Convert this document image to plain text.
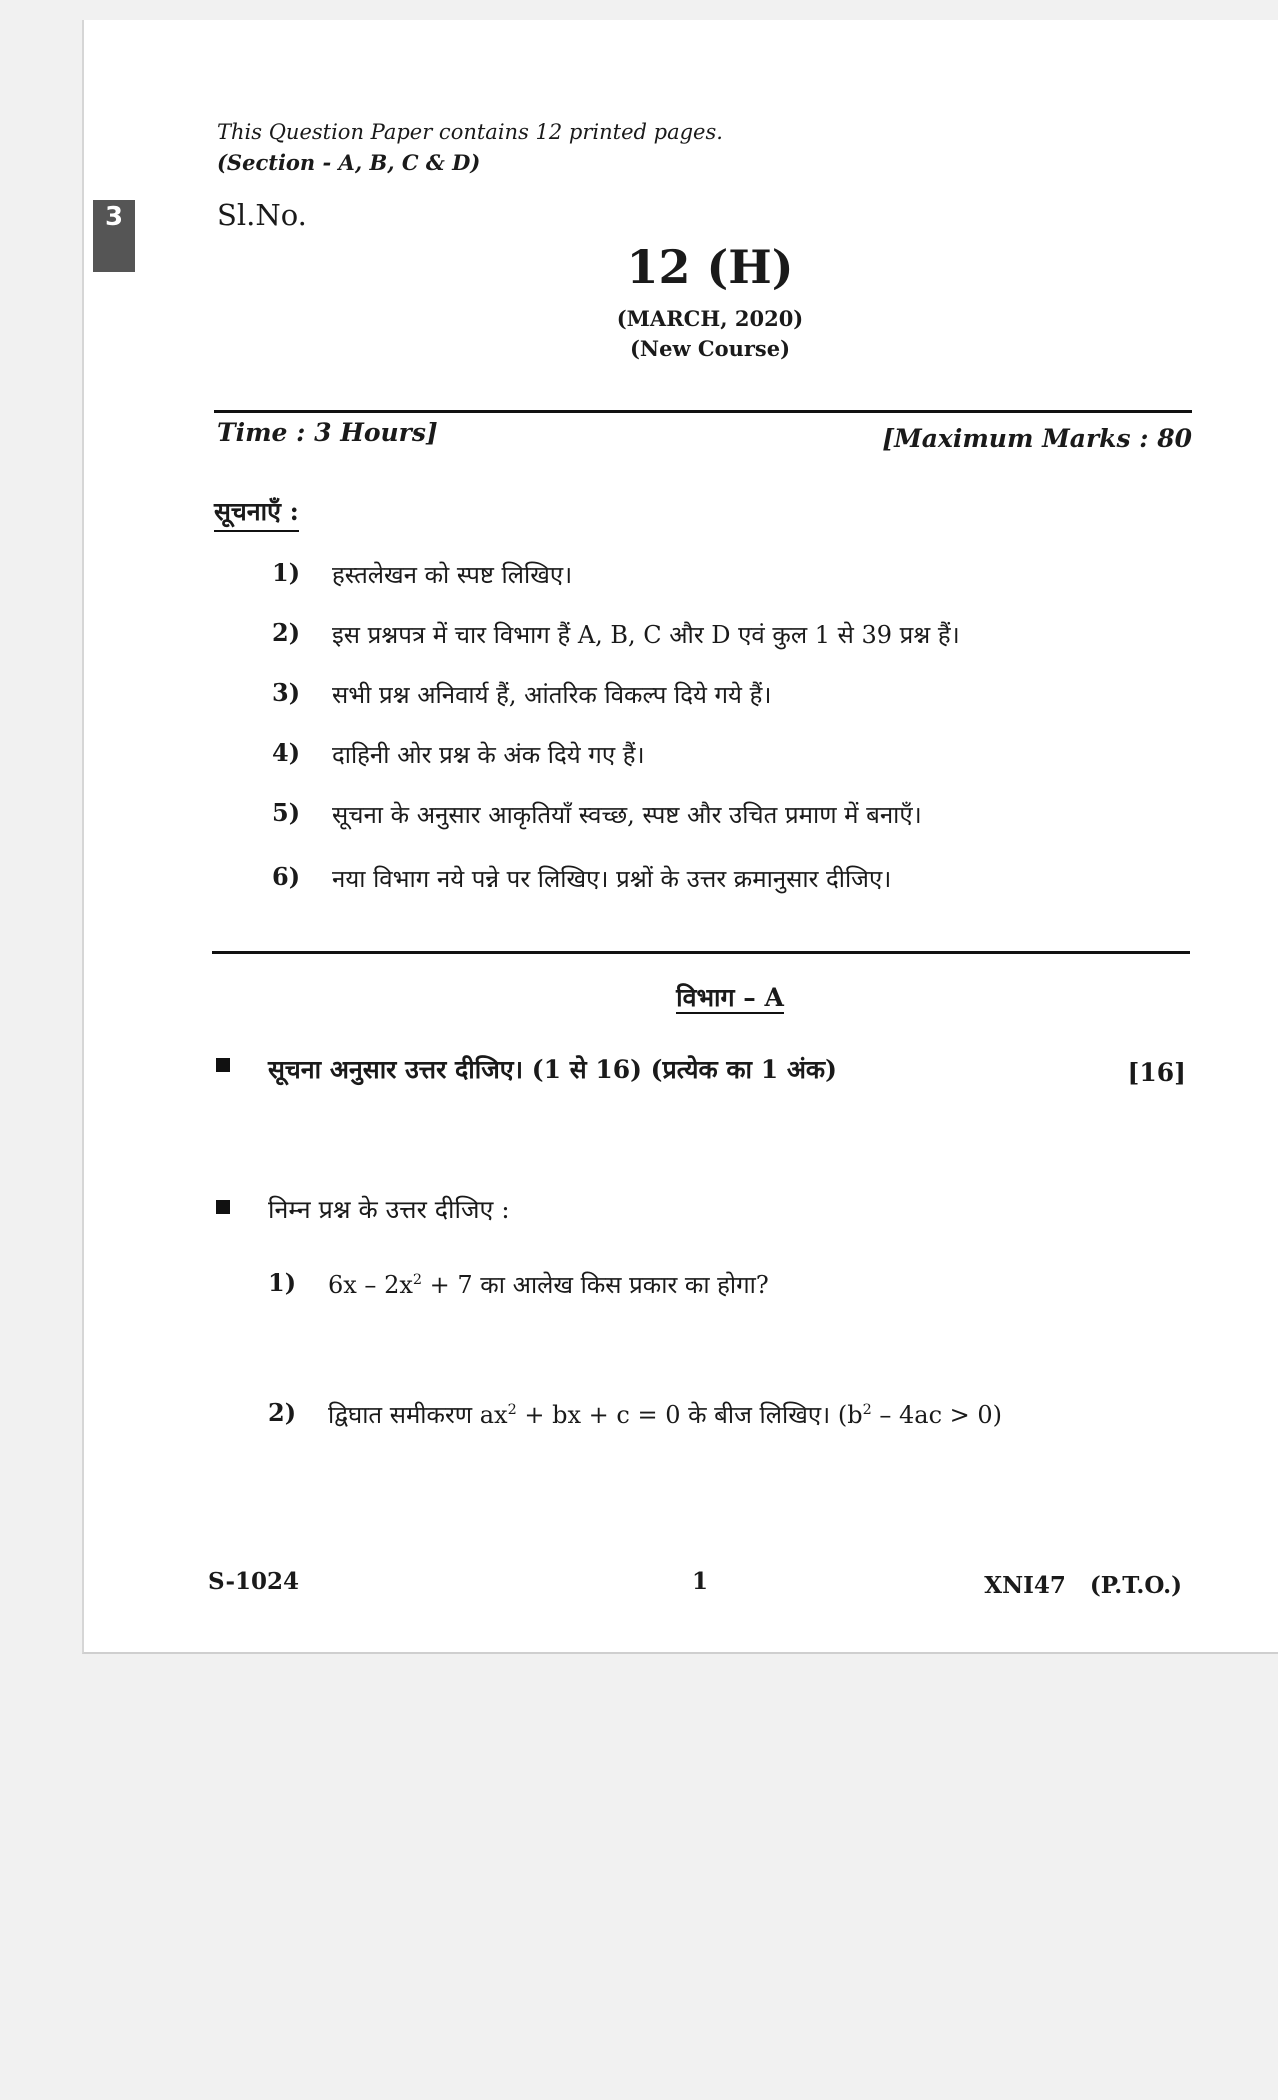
3
This Question Paper contains 12 printed pages.
(Section - A, B, C & D)
Sl.No.
12 (H)
(MARCH, 2020)
(New Course)
Time : 3 Hours]	[Maximum Marks : 80
सूचनाएँ :
1) हस्तलेखन को स्पष्ट लिखिए।
2) इस प्रश्नपत्र में चार विभाग हैं A, B, C और D एवं कुल 1 से 39 प्रश्न हैं।
3) सभी प्रश्न अनिवार्य हैं, आंतरिक विकल्प दिये गये हैं।
4) दाहिनी ओर प्रश्न के अंक दिये गए हैं।
5) सूचना के अनुसार आकृतियाँ स्वच्छ, स्पष्ट और उचित प्रमाण में बनाएँ।
6) नया विभाग नये पन्ने पर लिखिए। प्रश्नों के उत्तर क्रमानुसार दीजिए।
विभाग – A
सूचना अनुसार उत्तर दीजिए। (1 से 16) (प्रत्येक का 1 अंक)	[16]
निम्न प्रश्न के उत्तर दीजिए :
1) $6x - 2x^2 + 7$ का आलेख किस प्रकार का होगा?
2) द्विघात समीकरण $ax^2$ + bx + c = 0 के बीज लिखिए। $(b^2 - 4ac > 0)$
S-1024	1	XNI47   (P.T.O.)
